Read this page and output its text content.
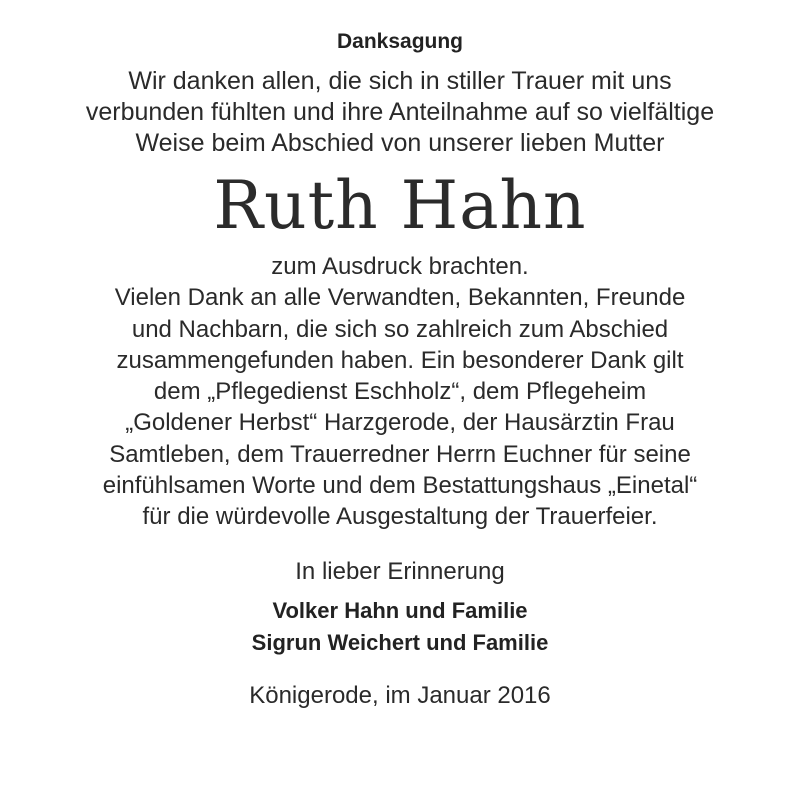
Danksagung
Wir danken allen, die sich in stiller Trauer mit uns
verbunden fühlten und ihre Anteilnahme auf so vielfältige
Weise beim Abschied von unserer lieben Mutter
Ruth Hahn
zum Ausdruck brachten.
Vielen Dank an alle Verwandten, Bekannten, Freunde
und Nachbarn, die sich so zahlreich zum Abschied
zusammengefunden haben. Ein besonderer Dank gilt
dem „Pflegedienst Eschholz“, dem Pflegeheim
„Goldener Herbst“ Harzgerode, der Hausärztin Frau
Samtleben, dem Trauerredner Herrn Euchner für seine
einfühlsamen Worte und dem Bestattungshaus „Einetal“
für die würdevolle Ausgestaltung der Trauerfeier.
In lieber Erinnerung
Volker Hahn und Familie
Sigrun Weichert und Familie
Königerode, im Januar 2016
